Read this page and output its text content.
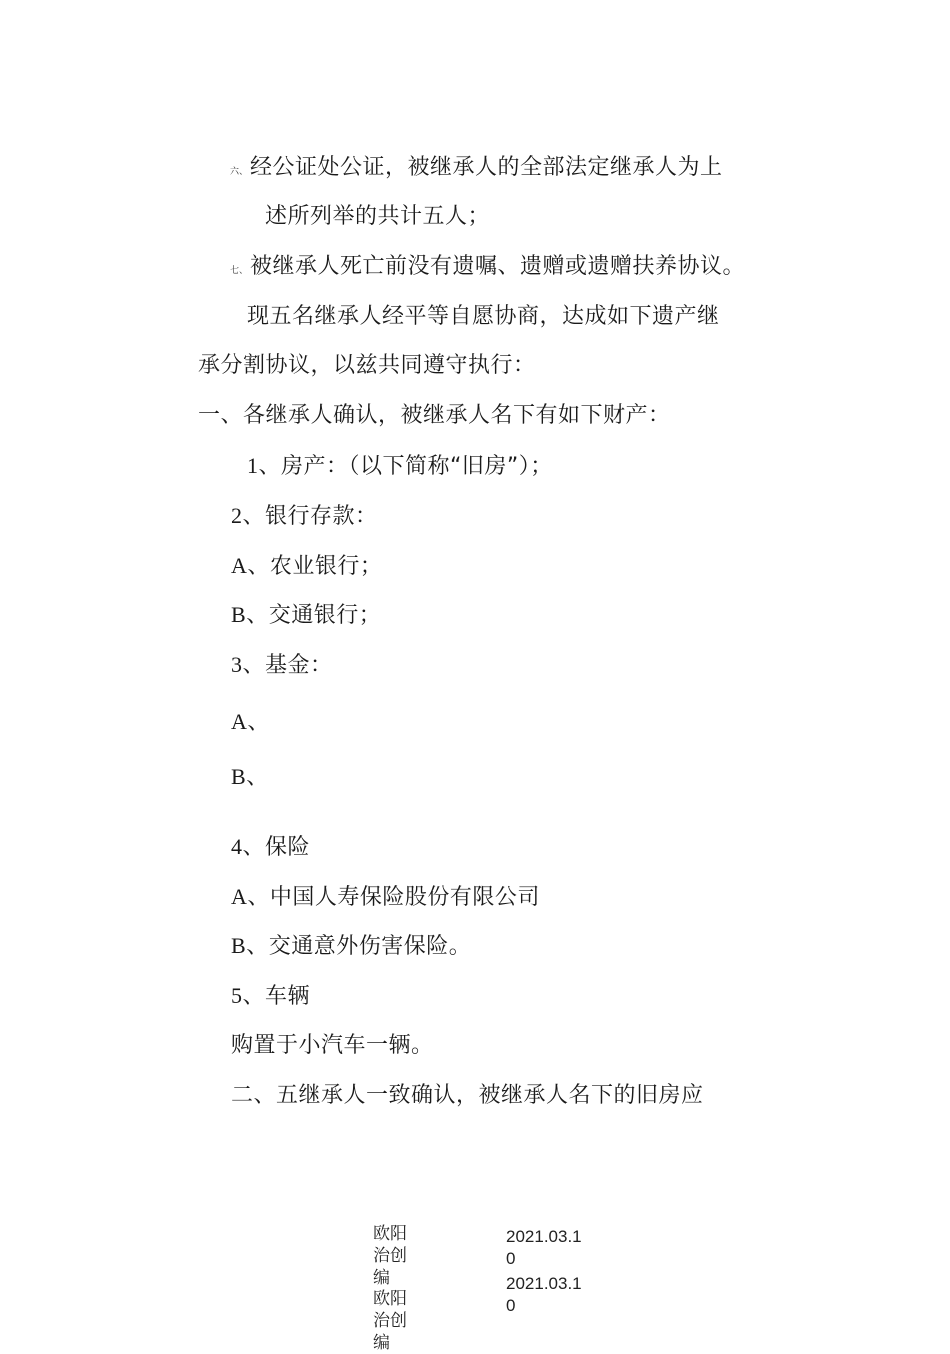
六、经公证处公证，被继承人的全部法定继承人为上
述所列举的共计五人；
七、被继承人死亡前没有遗嘱、遗赠或遗赠扶养协议。
现五名继承人经平等自愿协商，达成如下遗产继
承分割协议，以兹共同遵守执行：
一、各继承人确认，被继承人名下有如下财产：
1、房产：（以下简称“旧房”）；
2、银行存款：
A、农业银行；
B、交通银行；
3、基金：
A、
B、
4、保险
A、中国人寿保险股份有限公司
B、交通意外伤害保险。
5、车辆
购置于小汽车一辆。
二、五继承人一致确认，被继承人名下的旧房应
欧阳治创编
2021.03.10
欧阳治创编
2021.03.10
